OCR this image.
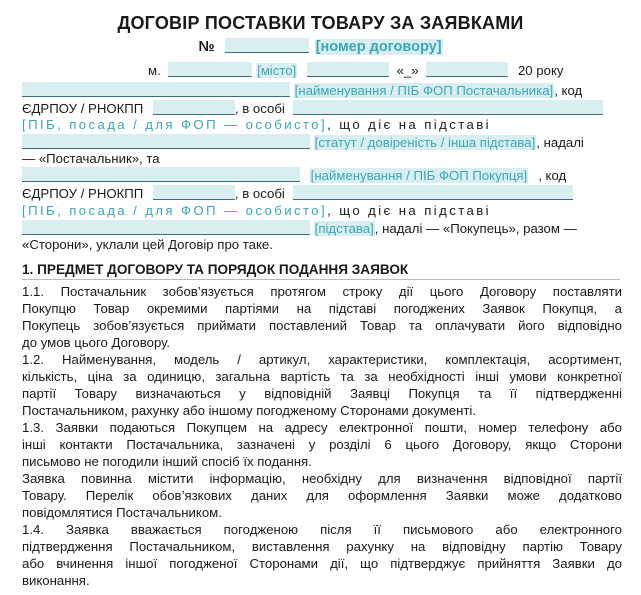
ДОГОВІР ПОСТАВКИ ТОВАРУ ЗА ЗАЯВКАМИ
№	[номер договору]
м.	[місто]	«_»	20 року
[найменування / ПІБ ФОП Постачальника], код
ЄДРПОУ / РНОКПП	, в особі
[ПІБ, посада / для ФОП — особисто], що діє на підставі
[статут / довіреність / інша підстава], надалі
— «Постачальник», та
[найменування / ПІБ ФОП Покупця] , код
ЄДРПОУ / РНОКПП	, в особі
[ПІБ, посада / для ФОП — особисто], що діє на підставі
[підстава], надалі — «Покупець», разом —
«Сторони», уклали цей Договір про таке.
1. ПРЕДМЕТ ДОГОВОРУ ТА ПОРЯДОК ПОДАННЯ ЗАЯВОК
1.1. Постачальник зобов’язується протягом строку дії цього Договору поставляти
Покупцю Товар окремими партіями на підставі погоджених Заявок Покупця, а
Покупець зобов’язується приймати поставлений Товар та оплачувати його відповідно
до умов цього Договору.
1.2. Найменування, модель / артикул, характеристики, комплектація, асортимент,
кількість, ціна за одиницю, загальна вартість та за необхідності інші умови конкретної
партії Товару визначаються у відповідній Заявці Покупця та її підтвердженні
Постачальником, рахунку або іншому погодженому Сторонами документі.
1.3. Заявки подаються Покупцем на адресу електронної пошти, номер телефону або
інші контакти Постачальника, зазначені у розділі 6 цього Договору, якщо Сторони
письмово не погодили інший спосіб їх подання.
Заявка повинна містити інформацію, необхідну для визначення відповідної партії
Товару. Перелік обов’язкових даних для оформлення Заявки може додатково
повідомлятися Постачальником.
1.4. Заявка вважається погодженою після її письмового або електронного
підтвердження Постачальником, виставлення рахунку на відповідну партію Товару
або вчинення іншої погодженої Сторонами дії, що підтверджує прийняття Заявки до
виконання.
